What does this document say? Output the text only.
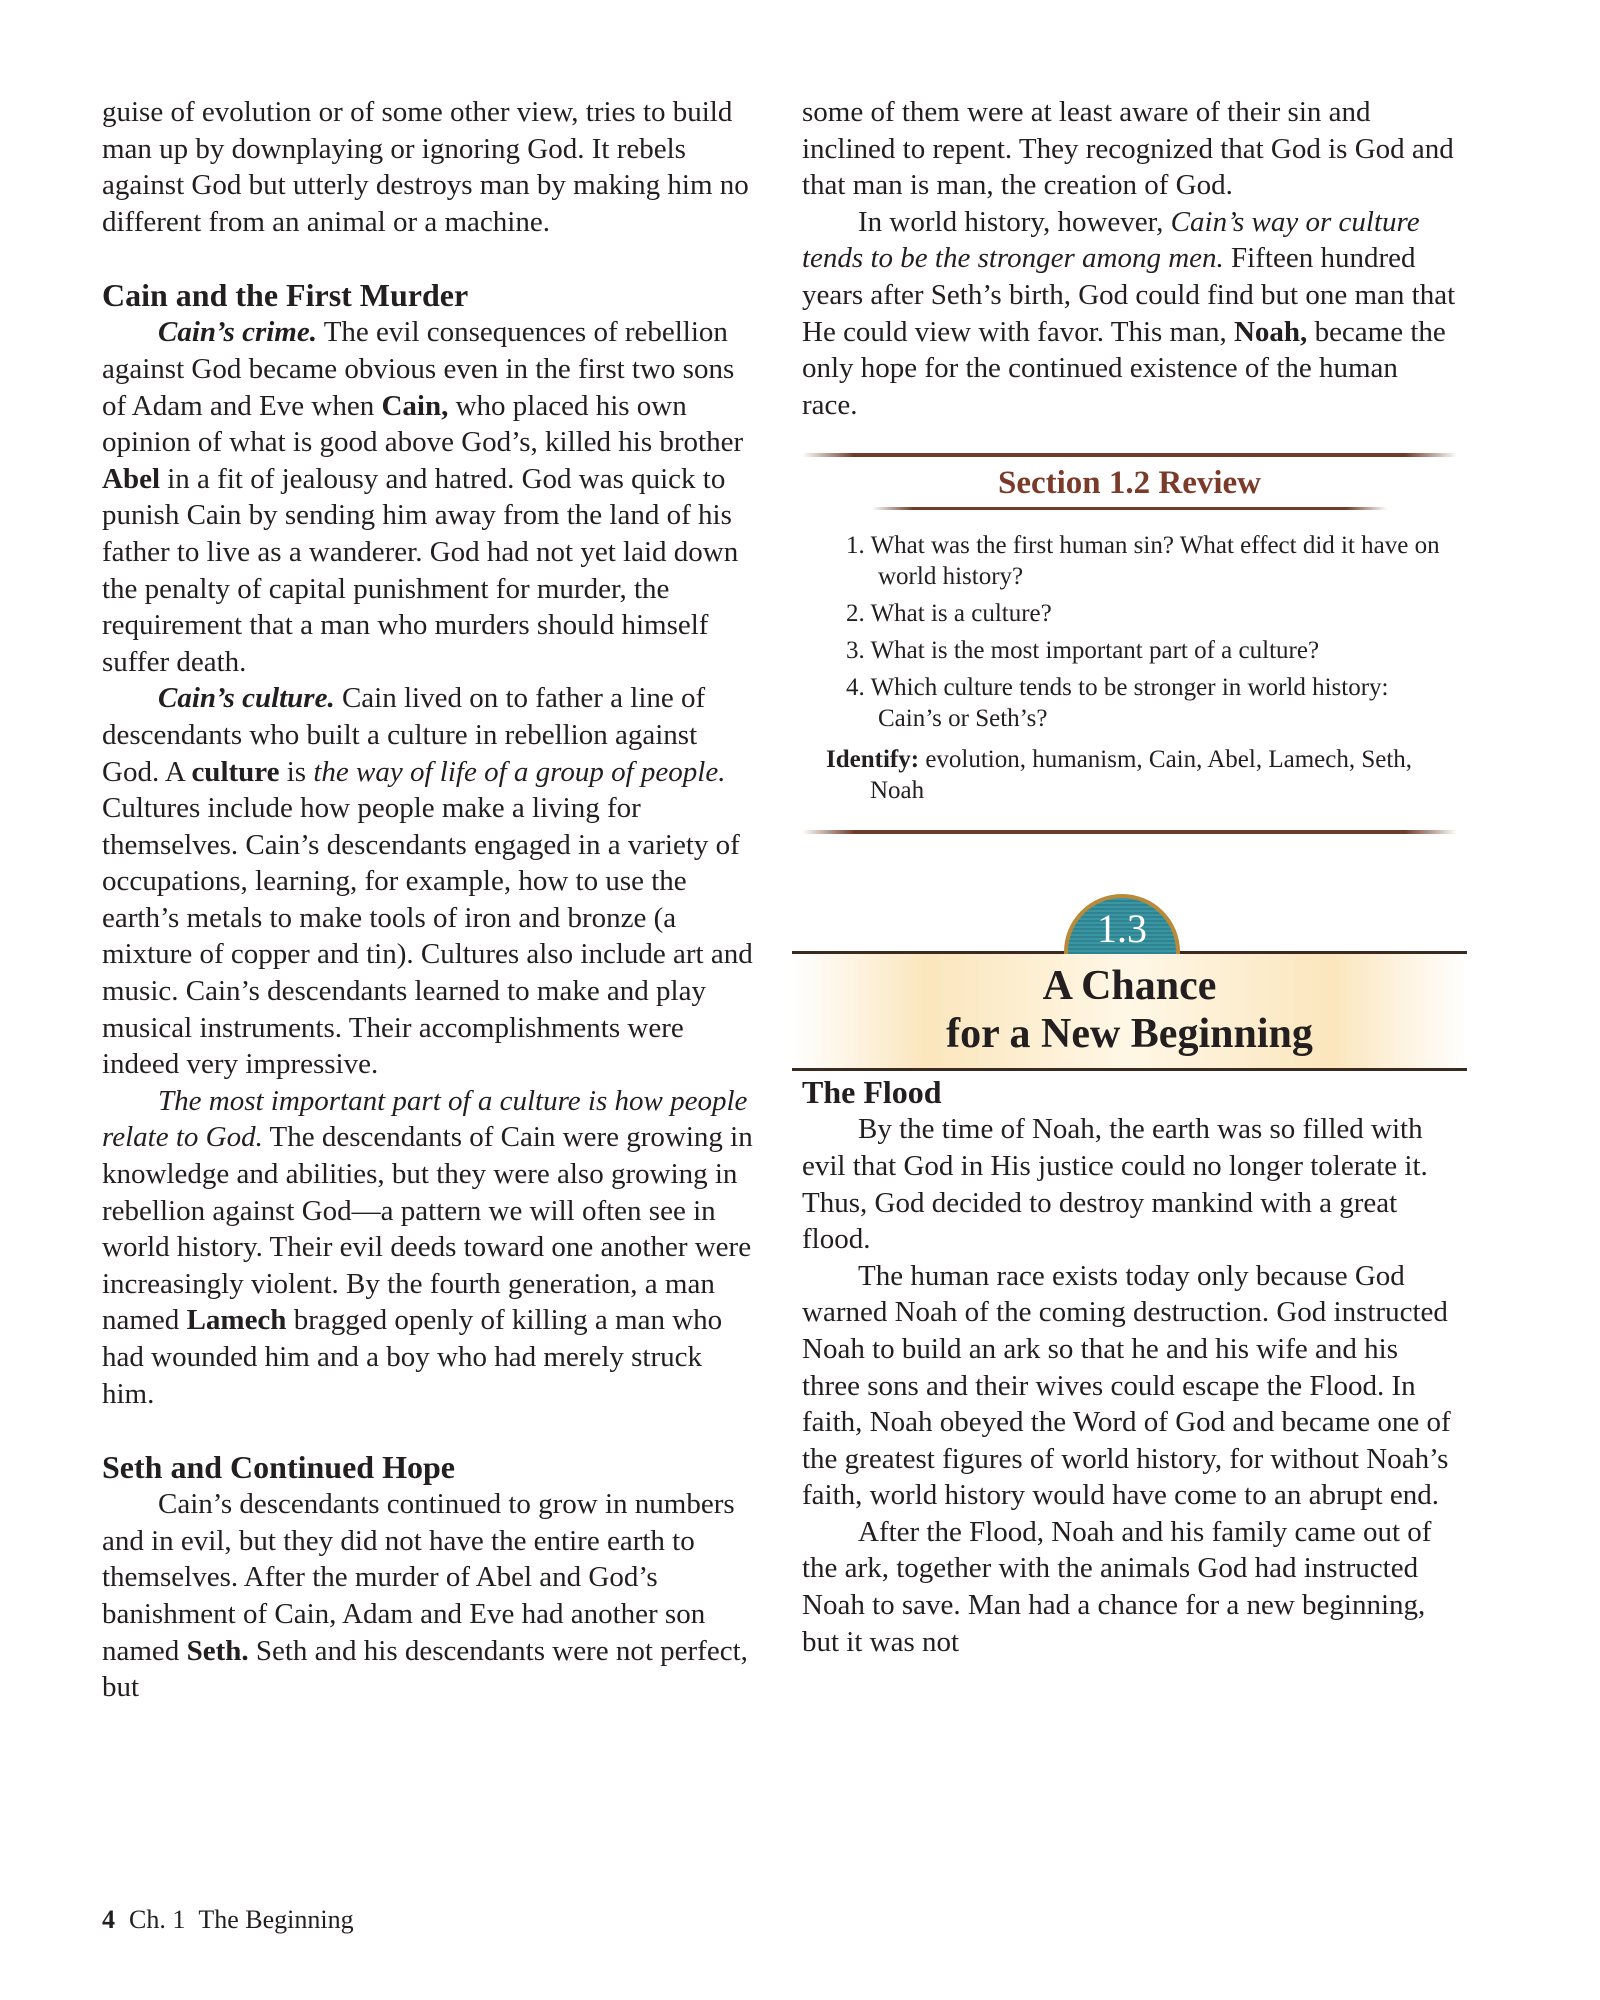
guise of evolution or of some other view, tries to build man up by downplaying or ignoring God. It rebels against God but utterly destroys man by making him no different from an animal or a machine.

Cain and the First Murder

Cain’s crime. The evil consequences of rebellion against God became obvious even in the first two sons of Adam and Eve when Cain, who placed his own opinion of what is good above God’s, killed his brother Abel in a fit of jealousy and hatred. God was quick to punish Cain by sending him away from the land of his father to live as a wanderer. God had not yet laid down the penalty of capital punishment for murder, the requirement that a man who murders should himself suffer death.

Cain’s culture. Cain lived on to father a line of descendants who built a culture in rebellion against God. A culture is the way of life of a group of people. Cultures include how people make a living for themselves. Cain’s descendants engaged in a variety of occupations, learning, for example, how to use the earth’s metals to make tools of iron and bronze (a mixture of copper and tin). Cultures also include art and music. Cain’s descendants learned to make and play musical instruments. Their accomplishments were indeed very impressive.

The most important part of a culture is how people relate to God. The descendants of Cain were growing in knowledge and abilities, but they were also growing in rebellion against God—a pattern we will often see in world history. Their evil deeds toward one another were increasingly violent. By the fourth generation, a man named Lamech bragged openly of killing a man who had wounded him and a boy who had merely struck him.

Seth and Continued Hope

Cain’s descendants continued to grow in numbers and in evil, but they did not have the entire earth to themselves. After the murder of Abel and God’s banishment of Cain, Adam and Eve had another son named Seth. Seth and his descendants were not perfect, but

some of them were at least aware of their sin and inclined to repent. They recognized that God is God and that man is man, the creation of God.

In world history, however, Cain’s way or culture tends to be the stronger among men. Fifteen hundred years after Seth’s birth, God could find but one man that He could view with favor. This man, Noah, became the only hope for the continued existence of the human race.

Section 1.2 Review
1. What was the first human sin? What effect did it have on world history?
2. What is a culture?
3. What is the most important part of a culture?
4. Which culture tends to be stronger in world history: Cain’s or Seth’s?
Identify: evolution, humanism, Cain, Abel, Lamech, Seth, Noah
A Chance
for a New Beginning
1.3
The Flood

By the time of Noah, the earth was so filled with evil that God in His justice could no longer tolerate it. Thus, God decided to destroy mankind with a great flood.

The human race exists today only because God warned Noah of the coming destruction. God instructed Noah to build an ark so that he and his wife and his three sons and their wives could escape the Flood. In faith, Noah obeyed the Word of God and became one of the greatest figures of world history, for without Noah’s faith, world history would have come to an abrupt end.

After the Flood, Noah and his family came out of the ark, together with the animals God had instructed Noah to save. Man had a chance for a new beginning, but it was not

4 Ch. 1 The Beginning
